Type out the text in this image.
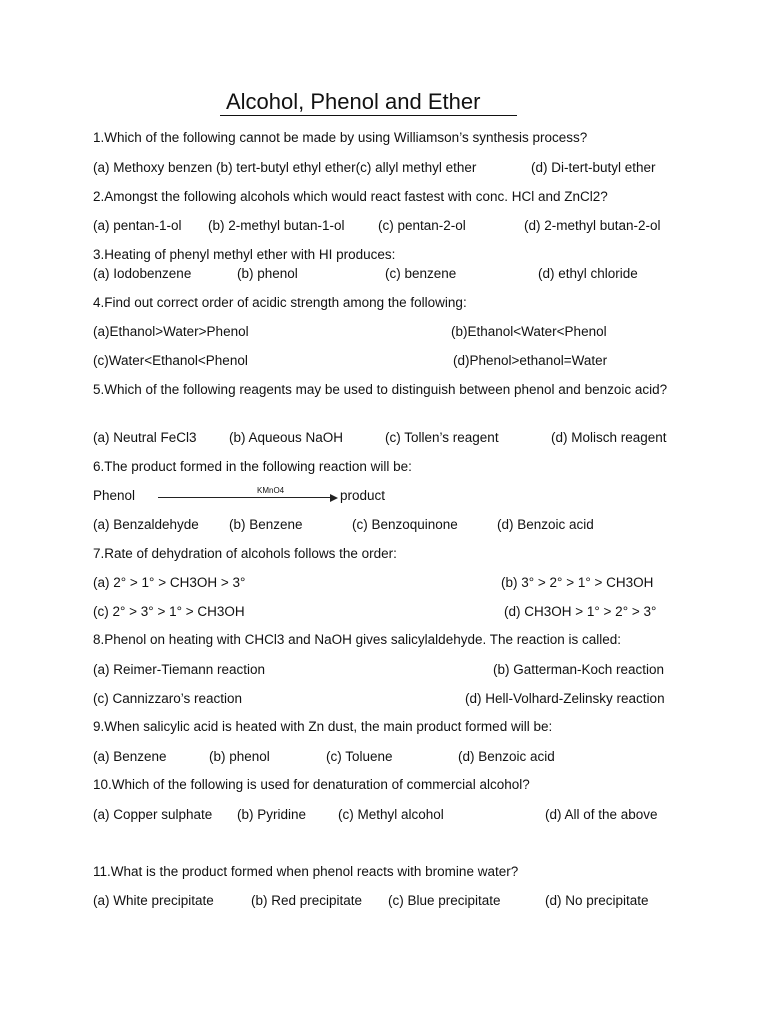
Alcohol, Phenol and Ether
1.Which of the following cannot be made by using Williamson’s synthesis process?
(a) Methoxy benzen (b) tert-butyl ethyl ether(c) allyl methyl ether	(d) Di-tert-butyl ether
2.Amongst the following alcohols which would react fastest with conc. HCl and ZnCl2?
(a) pentan-1-ol (b) 2-methyl butan-1-ol (c) pentan-2-ol	(d) 2-methyl butan-2-ol
3.Heating of phenyl methyl ether with HI produces:
(a) Iodobenzene	(b) phenol	(c) benzene	(d) ethyl chloride
4.Find out correct order of acidic strength among the following:
(a)Ethanol>Water>Phenol	(b)Ethanol<Water<Phenol
(c)Water<Ethanol<Phenol	(d)Phenol>ethanol=Water
5.Which of the following reagents may be used to distinguish between phenol and benzoic acid?
(a) Neutral FeCl3 (b) Aqueous NaOH	(c) Tollen’s reagent	(d) Molisch reagent
6.The product formed in the following reaction will be:
Phenol	KMnO4	product
(a) Benzaldehyde (b) Benzene	(c) Benzoquinone	(d) Benzoic acid
7.Rate of dehydration of alcohols follows the order:
(a) 2° > 1° > CH3OH > 3°	(b) 3° > 2° > 1° > CH3OH
(c) 2° > 3° > 1° > CH3OH	(d) CH3OH > 1° > 2° > 3°
8.Phenol on heating with CHCl3 and NaOH gives salicylaldehyde. The reaction is called:
(a) Reimer-Tiemann reaction	(b) Gatterman-Koch reaction
(c) Cannizzaro’s reaction	(d) Hell-Volhard-Zelinsky reaction
9.When salicylic acid is heated with Zn dust, the main product formed will be:
(a) Benzene	(b) phenol	(c) Toluene	(d) Benzoic acid
10.Which of the following is used for denaturation of commercial alcohol?
(a) Copper sulphate (b) Pyridine (c) Methyl alcohol	(d) All of the above
11.What is the product formed when phenol reacts with bromine water?
(a) White precipitate	(b) Red precipitate (c) Blue precipitate	(d) No precipitate
